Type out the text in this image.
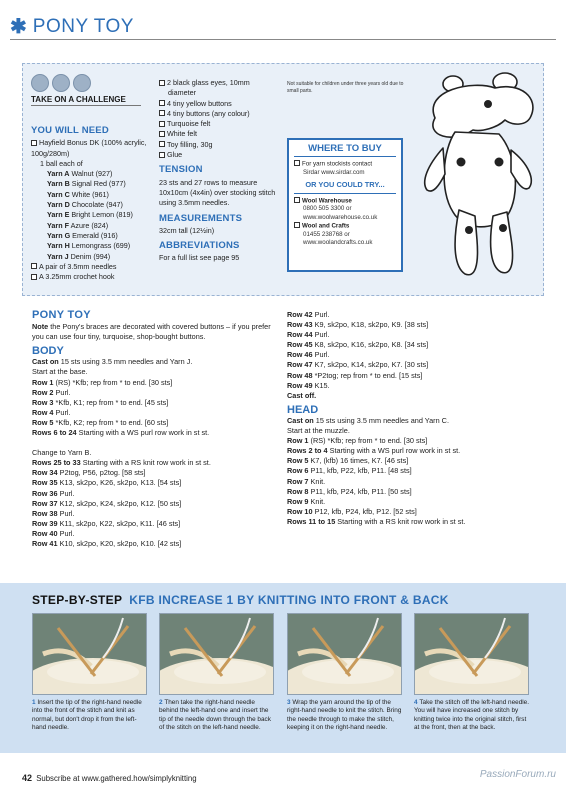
✱ PONY TOY
TAKE ON A CHALLENGE
YOU WILL NEED
Hayfield Bonus DK (100% acrylic, 100g/280m)
1 ball each of
Yarn A Walnut (927)
Yarn B Signal Red (977)
Yarn C White (961)
Yarn D Chocolate (947)
Yarn E Bright Lemon (819)
Yarn F Azure (824)
Yarn G Emerald (916)
Yarn H Lemongrass (699)
Yarn J Denim (994)
A pair of 3.5mm needles
A 3.25mm crochet hook
2 black glass eyes, 10mm
diameter
4 tiny yellow buttons
4 tiny buttons (any colour)
Turquoise felt
White felt
Toy filling, 30g
Glue
TENSION
23 sts and 27 rows to measure 10x10cm (4x4in) over stocking stitch using 3.5mm needles.
MEASUREMENTS
32cm tall (12½in)
ABBREVIATIONS
For a full list see page 95
Not suitable for children under three years old due to small parts.
WHERE TO BUY
For yarn stockists contact
Sirdar www.sirdar.com
OR YOU COULD TRY...
Wool Warehouse
0800 505 3300 or
www.woolwarehouse.co.uk
Wool and Crafts
01455 238768 or
www.woolandcrafts.co.uk
PONY TOY
Note the Pony's braces are decorated with covered buttons – if you prefer you can use four tiny, turquoise, shop-bought buttons.
BODY
Cast on 15 sts using 3.5 mm needles and Yarn J.
Start at the base.
Row 1 (RS) *Kfb; rep from * to end. [30 sts]
Row 2 Purl.
Row 3 *Kfb, K1; rep from * to end. [45 sts]
Row 4 Purl.
Row 5 *Kfb, K2; rep from * to end. [60 sts]
Rows 6 to 24 Starting with a WS purl row work in st st.
Change to Yarn B.
Rows 25 to 33 Starting with a RS knit row work in st st.
Row 34 P2tog, P56, p2tog. [58 sts]
Row 35 K13, sk2po, K26, sk2po, K13. [54 sts]
Row 36 Purl.
Row 37 K12, sk2po, K24, sk2po, K12. [50 sts]
Row 38 Purl.
Row 39 K11, sk2po, K22, sk2po, K11. [46 sts]
Row 40 Purl.
Row 41 K10, sk2po, K20, sk2po, K10. [42 sts]
Row 42 Purl.
Row 43 K9, sk2po, K18, sk2po, K9. [38 sts]
Row 44 Purl.
Row 45 K8, sk2po, K16, sk2po, K8. [34 sts]
Row 46 Purl.
Row 47 K7, sk2po, K14, sk2po, K7. [30 sts]
Row 48 *P2tog; rep from * to end. [15 sts]
Row 49 K15.
Cast off.
HEAD
Cast on 15 sts using 3.5 mm needles and Yarn C.
Start at the muzzle.
Row 1 (RS) *Kfb; rep from * to end. [30 sts]
Rows 2 to 4 Starting with a WS purl row work in st st.
Row 5 K7, (kfb) 16 times, K7. [46 sts]
Row 6 P11, kfb, P22, kfb, P11. [48 sts]
Row 7 Knit.
Row 8 P11, kfb, P24, kfb, P11. [50 sts]
Row 9 Knit.
Row 10 P12, kfb, P24, kfb, P12. [52 sts]
Rows 11 to 15 Starting with a RS knit row work in st st.
STEP-BY-STEP KFB INCREASE 1 BY KNITTING INTO FRONT & BACK
1 Insert the tip of the right-hand needle into the front of the stitch and knit as normal, but don't drop it from the left-hand needle.
2 Then take the right-hand needle behind the left-hand one and insert the tip of the needle down through the back of the stitch on the left-hand needle.
3 Wrap the yarn around the tip of the right-hand needle to knit the stitch. Bring the needle through to make the stitch, keeping it on the right-hand needle.
4 Take the stitch off the left-hand needle. You will have increased one stitch by knitting twice into the original stitch, first at the front, then at the back.
42 Subscribe at www.gathered.how/simplyknitting	PassionForum.ru
